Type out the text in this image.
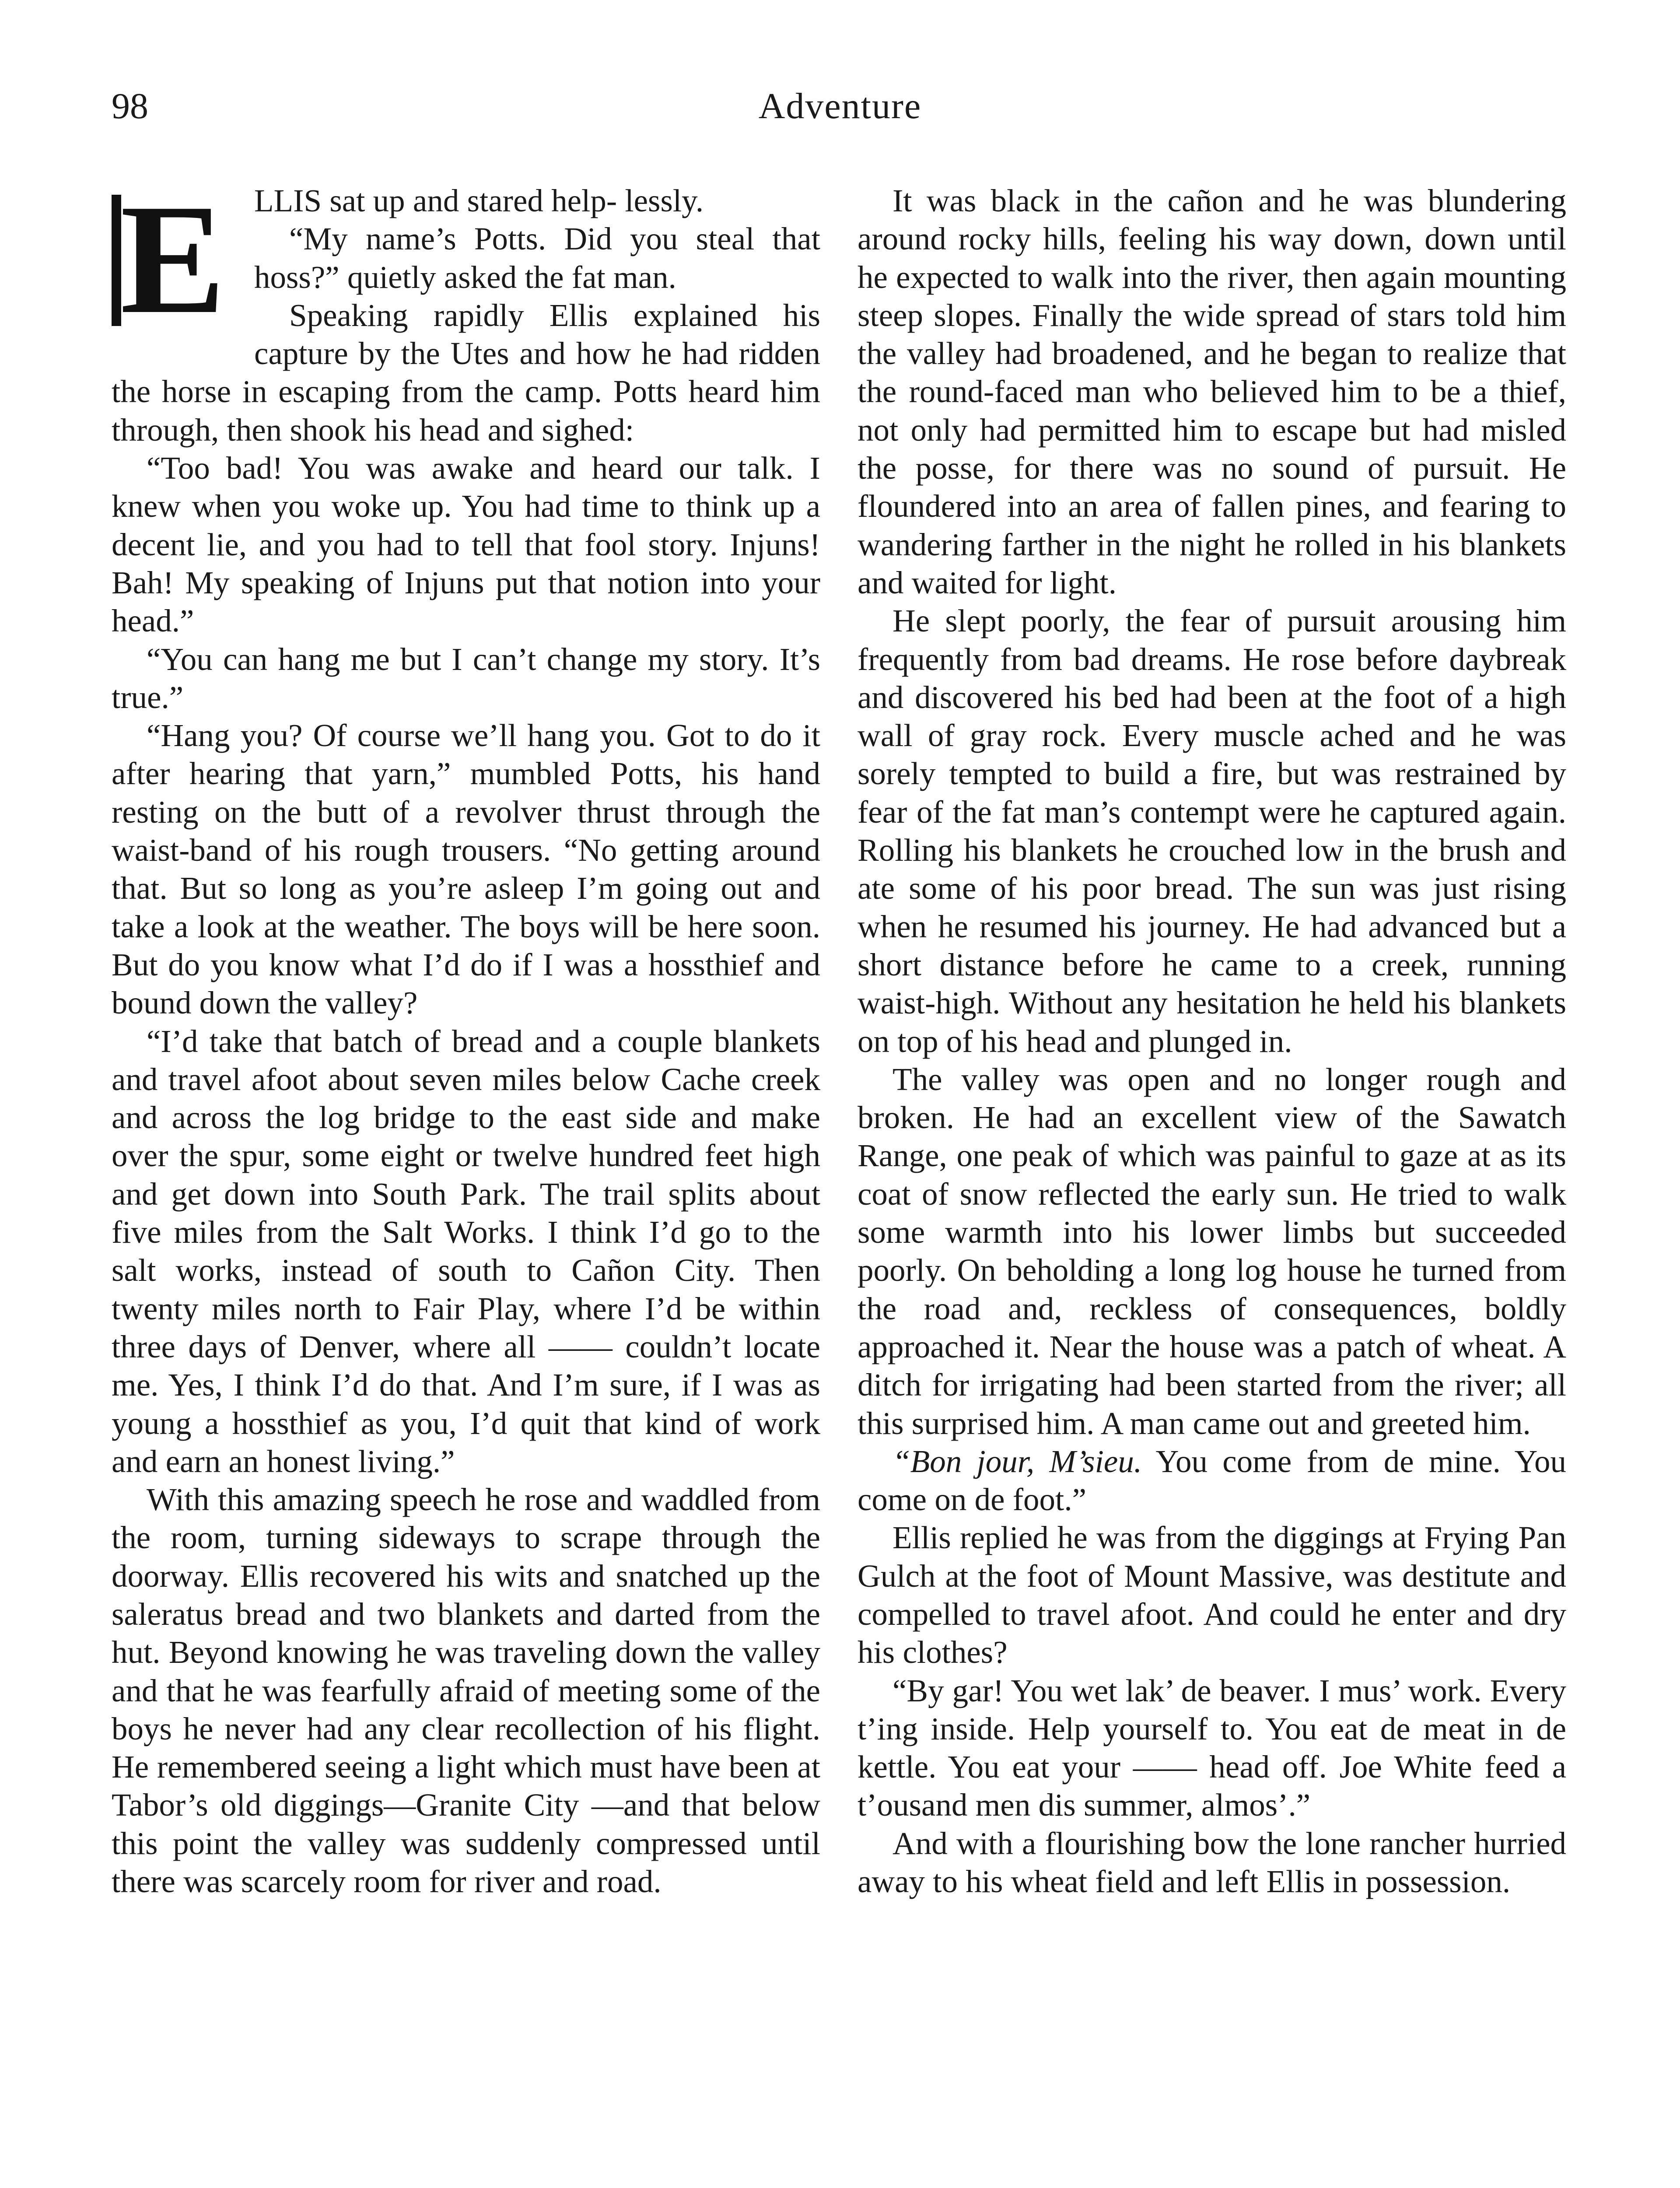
98	Adventure
E LLIS sat up and stared help- lessly.

“My name’s Potts. Did you steal that hoss?” quietly asked the fat man.

Speaking rapidly Ellis explained his capture by the Utes and how he had ridden the horse in escaping from the camp. Potts heard him through, then shook his head and sighed:

“Too bad! You was awake and heard our talk. I knew when you woke up. You had time to think up a decent lie, and you had to tell that fool story. Injuns! Bah! My speaking of Injuns put that notion into your head.”

“You can hang me but I can’t change my story. It’s true.”

“Hang you? Of course we’ll hang you. Got to do it after hearing that yarn,” mumbled Potts, his hand resting on the butt of a revolver thrust through the waist-band of his rough trousers. “No getting around that. But so long as you’re asleep I’m going out and take a look at the weather. The boys will be here soon. But do you know what I’d do if I was a hossthief and bound down the valley?

“I’d take that batch of bread and a couple blankets and travel afoot about seven miles below Cache creek and across the log bridge to the east side and make over the spur, some eight or twelve hundred feet high and get down into South Park. The trail splits about five miles from the Salt Works. I think I’d go to the salt works, instead of south to Cañon City. Then twenty miles north to Fair Play, where I’d be within three days of Denver, where all —— couldn’t locate me. Yes, I think I’d do that. And I’m sure, if I was as young a hossthief as you, I’d quit that kind of work and earn an honest living.”

With this amazing speech he rose and waddled from the room, turning sideways to scrape through the doorway. Ellis recovered his wits and snatched up the saleratus bread and two blankets and darted from the hut. Beyond knowing he was traveling down the valley and that he was fearfully afraid of meeting some of the boys he never had any clear recollection of his flight. He remembered seeing a light which must have been at Tabor’s old diggings—Granite City —and that below this point the valley was suddenly compressed until there was scarcely room for river and road.

It was black in the cañon and he was blundering around rocky hills, feeling his way down, down until he expected to walk into the river, then again mounting steep slopes. Finally the wide spread of stars told him the valley had broadened, and he began to realize that the round-faced man who believed him to be a thief, not only had permitted him to escape but had misled the posse, for there was no sound of pursuit. He floundered into an area of fallen pines, and fearing to wandering farther in the night he rolled in his blankets and waited for light.

He slept poorly, the fear of pursuit arousing him frequently from bad dreams. He rose before daybreak and discovered his bed had been at the foot of a high wall of gray rock. Every muscle ached and he was sorely tempted to build a fire, but was restrained by fear of the fat man’s contempt were he captured again. Rolling his blankets he crouched low in the brush and ate some of his poor bread. The sun was just rising when he resumed his journey. He had advanced but a short distance before he came to a creek, running waist-high. Without any hesitation he held his blankets on top of his head and plunged in.

The valley was open and no longer rough and broken. He had an excellent view of the Sawatch Range, one peak of which was painful to gaze at as its coat of snow reflected the early sun. He tried to walk some warmth into his lower limbs but succeeded poorly. On beholding a long log house he turned from the road and, reckless of consequences, boldly approached it. Near the house was a patch of wheat. A ditch for irrigating had been started from the river; all this surprised him. A man came out and greeted him.

“Bon jour, M’sieu. You come from de mine. You come on de foot.”

Ellis replied he was from the diggings at Frying Pan Gulch at the foot of Mount Massive, was destitute and compelled to travel afoot. And could he enter and dry his clothes?

“By gar! You wet lak’ de beaver. I mus’ work. Every t’ing inside. Help yourself to. You eat de meat in de kettle. You eat your —— head off. Joe White feed a t’ousand men dis summer, almos’.”

And with a flourishing bow the lone rancher hurried away to his wheat field and left Ellis in possession.
